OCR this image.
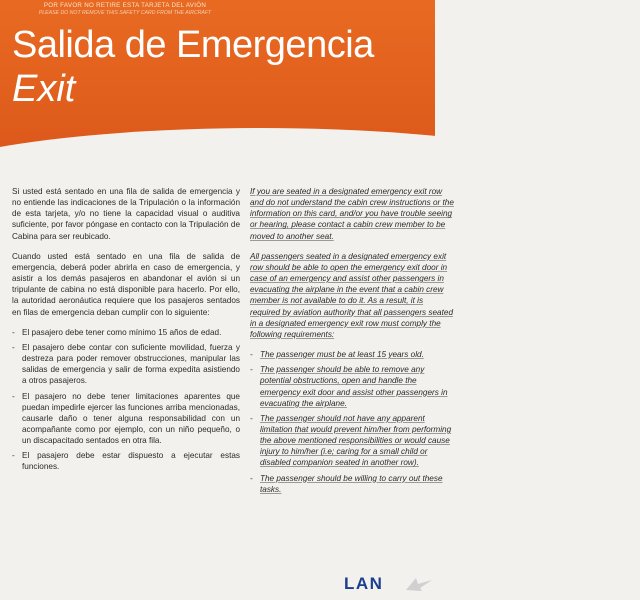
POR FAVOR NO RETIRE ESTA TARJETA DEL AVIÓN
PLEASE DO NOT REMOVE THIS SAFETY CARD FROM THE AIRCRAFT
Salida de Emergencia
Exit

Si usted está sentado en una fila de salida de emergencia y no entiende las indicaciones de la Tripulación o la información de esta tarjeta, y/o no tiene la capacidad visual o auditiva suficiente, por favor póngase en contacto con la Tripulación de Cabina para ser reubicado.

Cuando usted está sentado en una fila de salida de emergencia, deberá poder abrirla en caso de emergencia, y asistir a los demás pasajeros en abandonar el avión si un tripulante de cabina no está disponible para hacerlo. Por ello, la autoridad aeronáutica requiere que los pasajeros sentados en filas de emergencia deban cumplir con lo siguiente:

- El pasajero debe tener como mínimo 15 años de edad.
- El pasajero debe contar con suficiente movilidad, fuerza y destreza para poder remover obstrucciones, manipular las salidas de emergencia y salir de forma expedita asistiendo a otros pasajeros.
- El pasajero no debe tener limitaciones aparentes que puedan impedirle ejercer las funciones arriba mencionadas, causarle daño o tener alguna responsabilidad con un acompañante como por ejemplo, con un niño pequeño, o un discapacitado sentados en otra fila.
- El pasajero debe estar dispuesto a ejecutar estas funciones.

If you are seated in a designated emergency exit row and do not understand the cabin crew instructions or the information on this card, and/or you have trouble seeing or hearing, please contact a cabin crew member to be moved to another seat.

All passengers seated in a designated emergency exit row should be able to open the emergency exit door in case of an emergency and assist other passengers in evacuating the airplane in the event that a cabin crew member is not available to do it. As a result, it is required by aviation authority that all passengers seated in a designated emergency exit row must comply the following requirements:

- The passenger must be at least 15 years old.
- The passenger should be able to remove any potential obstructions, open and handle the emergency exit door and assist other passengers in evacuating the airplane.
- The passenger should not have any apparent limitation that would prevent him/her from performing the above mentioned responsibilities or would cause injury to him/her (i.e; caring for a small child or disabled companion seated in another row).
- The passenger should be willing to carry out these tasks.
LAN
